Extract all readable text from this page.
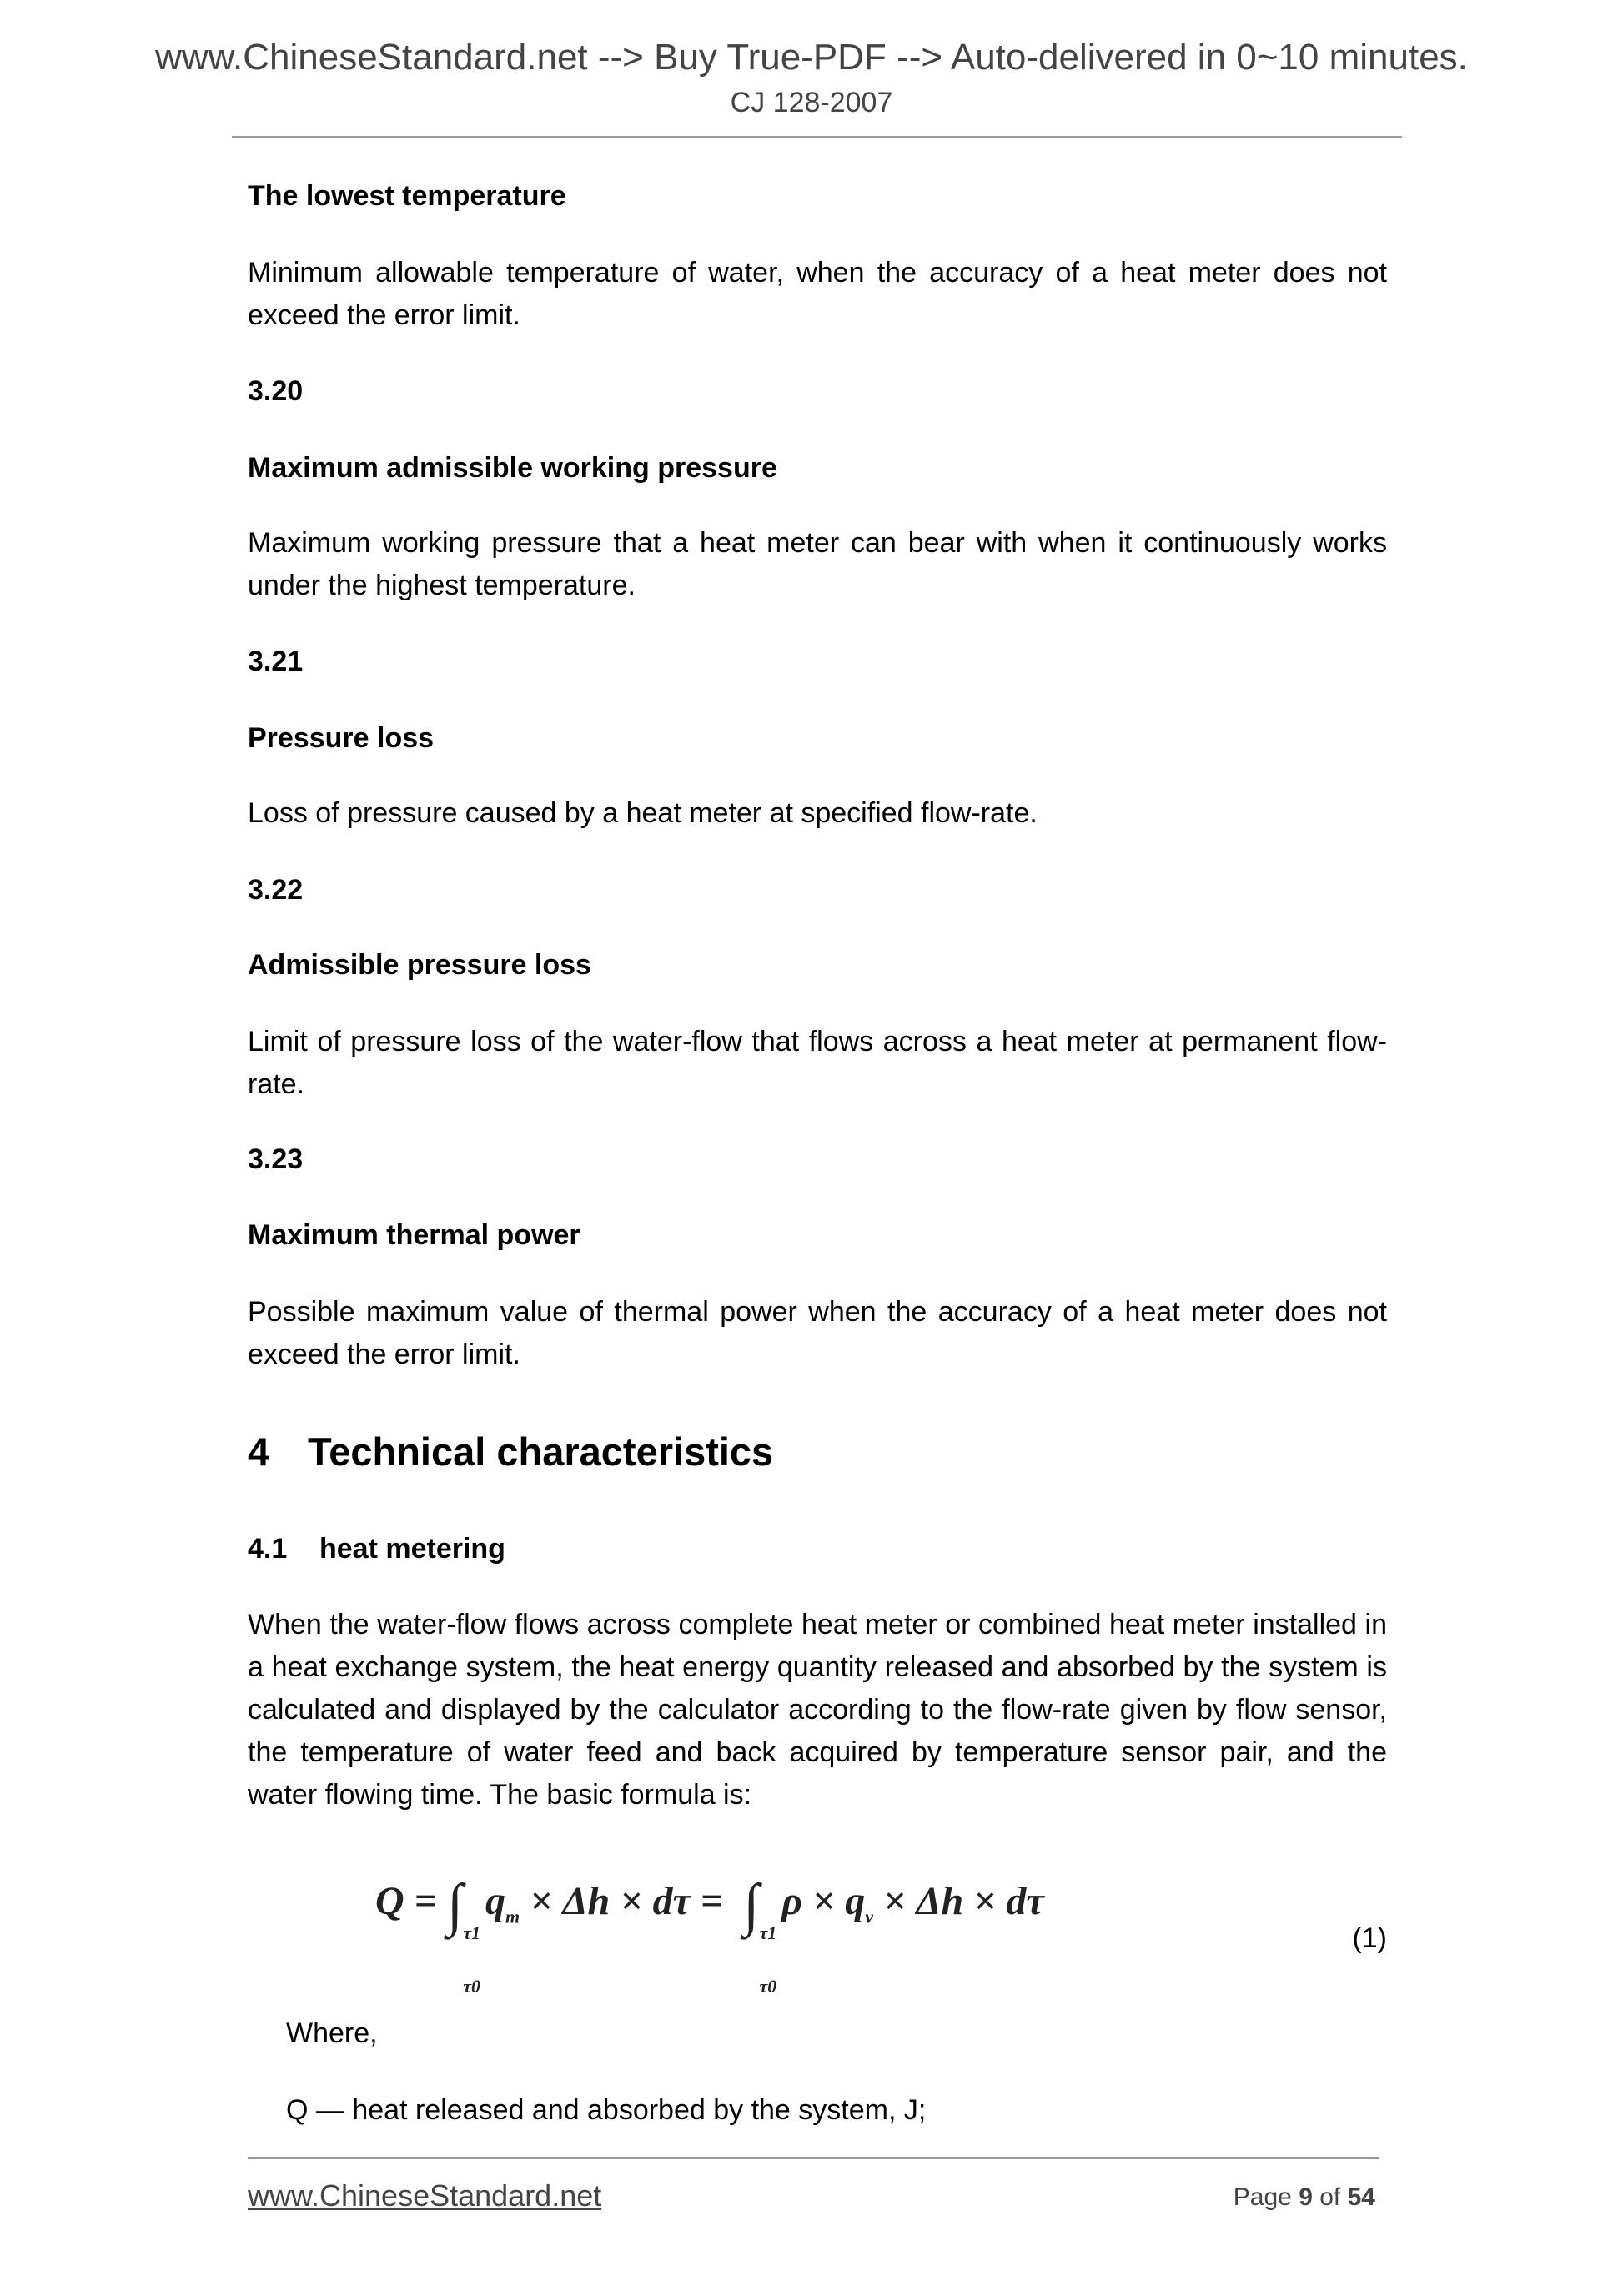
www.ChineseStandard.net --> Buy True-PDF --> Auto-delivered in 0~10 minutes.
CJ 128-2007
The lowest temperature
Minimum allowable temperature of water, when the accuracy of a heat meter does not exceed the error limit.
3.20
Maximum admissible working pressure
Maximum working pressure that a heat meter can bear with when it continuously works under the highest temperature.
3.21
Pressure loss
Loss of pressure caused by a heat meter at specified flow-rate.
3.22
Admissible pressure loss
Limit of pressure loss of the water-flow that flows across a heat meter at permanent flow-rate.
3.23
Maximum thermal power
Possible maximum value of thermal power when the accuracy of a heat meter does not exceed the error limit.
4 Technical characteristics
4.1 heat metering
When the water-flow flows across complete heat meter or combined heat meter installed in a heat exchange system, the heat energy quantity released and absorbed by the system is calculated and displayed by the calculator according to the flow-rate given by flow sensor, the temperature of water feed and back acquired by temperature sensor pair, and the water flowing time. The basic formula is:
Q = ∫ τ1
τ0
$q_m \times \Delta h \times d\tau$ =  ∫ τ1
τ0
$\rho \times q_v \times \Delta h \times d\tau$
(1)
Where,
Q — heat released and absorbed by the system, J;
www.ChineseStandard.net	Page 9 of 54
